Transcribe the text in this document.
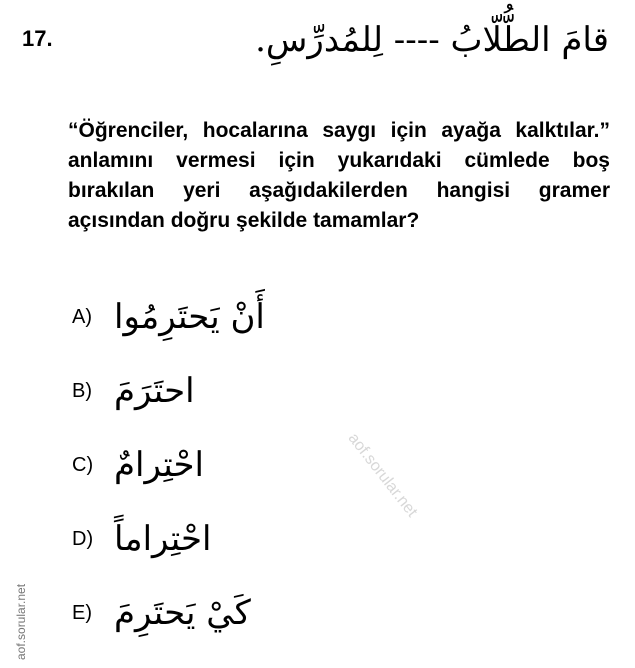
17.	قامَ الطُّلّابُ ---- لِلمُدرِّسِ.
“Öğrenciler, hocalarına saygı için ayağa kalktılar.” anlamını vermesi için yukarıdaki cümlede boş bırakılan yeri aşağıdakilerden hangisi gramer açısından doğru şekilde tamamlar?
A) أَنْ يَحتَرِمُوا
B) احتَرَمَ
C) احْتِرامٌ
D) احْتِراماً
E) كَيْ يَحتَرِمَ
aof.sorular.net
aof.sorular.net
